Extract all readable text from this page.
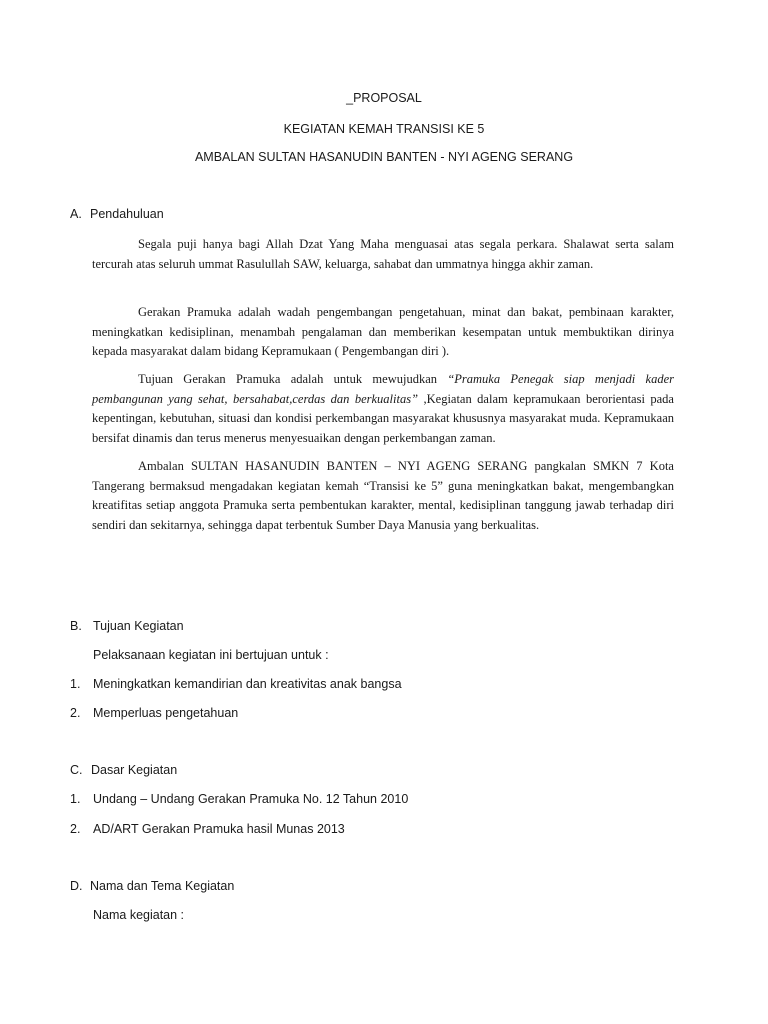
_PROPOSAL
KEGIATAN KEMAH TRANSISI KE 5
AMBALAN SULTAN HASANUDIN BANTEN - NYI AGENG SERANG
A. Pendahuluan

Segala puji hanya bagi Allah Dzat Yang Maha menguasai atas segala perkara. Shalawat serta salam tercurah atas seluruh ummat Rasulullah SAW, keluarga, sahabat dan ummatnya hingga akhir zaman.

Gerakan Pramuka adalah wadah pengembangan pengetahuan, minat dan bakat, pembinaan karakter, meningkatkan kedisiplinan, menambah pengalaman dan memberikan kesempatan untuk membuktikan dirinya kepada masyarakat dalam bidang Kepramukaan ( Pengembangan diri ).

Tujuan Gerakan Pramuka adalah untuk mewujudkan “Pramuka Penegak siap menjadi kader pembangunan yang sehat, bersahabat,cerdas dan berkualitas” ,Kegiatan dalam kepramukaan berorientasi pada kepentingan, kebutuhan, situasi dan kondisi perkembangan masyarakat khususnya masyarakat muda. Kepramukaan bersifat dinamis dan terus menerus menyesuaikan dengan perkembangan zaman.

Ambalan SULTAN HASANUDIN BANTEN – NYI AGENG SERANG pangkalan SMKN 7 Kota Tangerang bermaksud mengadakan kegiatan kemah “Transisi ke 5” guna meningkatkan bakat, mengembangkan kreatifitas setiap anggota Pramuka serta pembentukan karakter, mental, kedisiplinan tanggung jawab terhadap diri sendiri dan sekitarnya, sehingga dapat terbentuk Sumber Daya Manusia yang berkualitas.

B. Tujuan Kegiatan
Pelaksanaan kegiatan ini bertujuan untuk :
1. Meningkatkan kemandirian dan kreativitas anak bangsa
2. Memperluas pengetahuan
C. Dasar Kegiatan
1. Undang – Undang Gerakan Pramuka No. 12 Tahun 2010
2. AD/ART Gerakan Pramuka hasil Munas 2013
D. Nama dan Tema Kegiatan
Nama kegiatan :
